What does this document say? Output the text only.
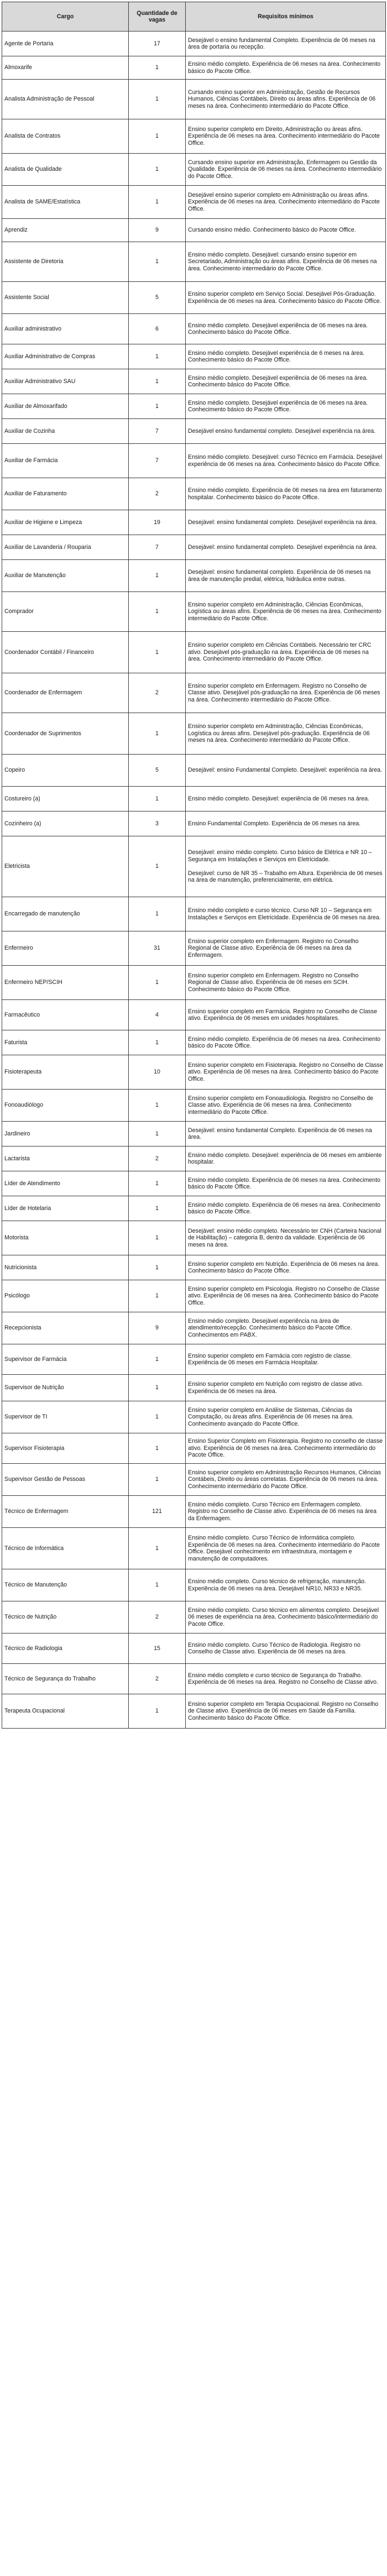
Cargo	Quantidade de vagas	Requisitos mínimos
Agente de Portaria	17	Desejável o ensino fundamental Completo. Experiência de 06 meses na área de portaria ou recepção.
Almoxarife	1	Ensino médio completo. Experiência de 06 meses na área. Conhecimento básico do Pacote Office.
Analista Administração de Pessoal	1	Cursando ensino superior em Administração, Gestão de Recursos Humanos, Ciências Contábeis, Direito ou áreas afins. Experiência de 06 meses na área. Conhecimento intermediário do Pacote Office.
Analista de Contratos	1	Ensino superior completo em Direito, Administração ou áreas afins. Experiência de 06 meses na área. Conhecimento intermediário do Pacote Office.
Analista de Qualidade	1	Cursando ensino superior em Administração, Enfermagem ou Gestão da Qualidade. Experiência de 06 meses na área. Conhecimento intermediário do Pacote Office.
Analista de SAME/Estatística	1	Desejável ensino superior completo em Administração ou áreas afins. Experiência de 06 meses na área. Conhecimento intermediário do Pacote Office.
Aprendiz	9	Cursando ensino médio. Conhecimento básico do Pacote Office.
Assistente de Diretoria	1	Ensino médio completo. Desejável: cursando ensino superior em Secretariado, Administração ou áreas afins. Experiência de 06 meses na área. Conhecimento intermediário do Pacote Office.
Assistente Social	5	Ensino superior completo em Serviço Social. Desejável Pós-Graduação. Experiência de 06 meses na área. Conhecimento básico do Pacote Office.
Auxiliar administrativo	6	Ensino médio completo. Desejável experiência de 06 meses na área. Conhecimento básico do Pacote Office.
Auxiliar Administrativo de Compras	1	Ensino médio completo. Desejável experiência de 6 meses na área. Conhecimento básico do Pacote Office.
Auxiliar Administrativo SAU	1	Ensino médio completo. Desejável experiência de 06 meses na área. Conhecimento básico do Pacote Office.
Auxiliar de Almoxarifado	1	Ensino médio completo. Desejável experiência de 06 meses na área. Conhecimento básico do Pacote Office.
Auxiliar de Cozinha	7	Desejável ensino fundamental completo. Desejável experiência na área.
Auxiliar de Farmácia	7	Ensino médio completo. Desejável: curso Técnico em Farmácia. Desejável experiência de 06 meses na área. Conhecimento básico do Pacote Office.
Auxiliar de Faturamento	2	Ensino médio completo. Experiência de 06 meses na área em faturamento hospitalar. Conhecimento básico do Pacote Office.
Auxiliar de Higiene e Limpeza	19	Desejável: ensino fundamental completo. Desejável experiência na área.
Auxiliar de Lavanderia / Rouparia	7	Desejável: ensino fundamental completo. Desejável experiência na área.
Auxiliar de Manutenção	1	Desejável: ensino fundamental completo. Experiência de 06 meses na área de manutenção predial, elétrica, hidráulica entre outras.
Comprador	1	Ensino superior completo em Administração, Ciências Econômicas, Logística ou áreas afins. Experiência de 06 meses na área. Conhecimento intermediário do Pacote Office.
Coordenador Contábil / Financeiro	1	Ensino superior completo em Ciências Contábeis. Necessário ter CRC ativo. Desejável pós-graduação na área. Experiência de 06 meses na área. Conhecimento intermediário do Pacote Office.
Coordenador de Enfermagem	2	Ensino superior completo em Enfermagem. Registro no Conselho de Classe ativo. Desejável pós-graduação na área. Experiência de 06 meses na área. Conhecimento intermediário do Pacote Office.
Coordenador de Suprimentos	1	Ensino superior completo em Administração, Ciências Econômicas, Logística ou áreas afins. Desejável pós-graduação. Experiência de 06 meses na área. Conhecimento intermediário do Pacote Office.
Copeiro	5	Desejável: ensino Fundamental Completo. Desejável: experiência na área.
Costureiro (a)	1	Ensino médio completo. Desejável: experiência de 06 meses na área.
Cozinheiro (a)	3	Ensino Fundamental Completo. Experiência de 06 meses na área.
Eletricista	1	Desejável: ensino médio completo. Curso básico de Elétrica e NR 10 – Segurança em Instalações e Serviços em Eletricidade.

Desejável: curso de NR 35 – Trabalho em Altura. Experiência de 06 meses na área de manutenção, preferencialmente, em elétrica.
Encarregado de manutenção	1	Ensino médio completo e curso técnico. Curso NR 10 – Segurança em Instalações e Serviços em Eletricidade. Experiência de 06 meses na área.
Enfermeiro	31	Ensino superior completo em Enfermagem. Registro no Conselho Regional de Classe ativo. Experiência de 06 meses na área da Enfermagem.
Enfermeiro NEP/SCIH	1	Ensino superior completo em Enfermagem. Registro no Conselho Regional de Classe ativo. Experiência de 06 meses em SCIH. Conhecimento básico do Pacote Office.
Farmacêutico	4	Ensino superior completo em Farmácia. Registro no Conselho de Classe ativo. Experiência de 06 meses em unidades hospitalares.
Faturista	1	Ensino médio completo. Experiência de 06 meses na área. Conhecimento básico do Pacote Office.
Fisioterapeuta	10	Ensino superior completo em Fisioterapia. Registro no Conselho de Classe ativo. Experiência de 06 meses na área. Conhecimento básico do Pacote Office.
Fonoaudiólogo	1	Ensino superior completo em Fonoaudiologia. Registro no Conselho de Classe ativo. Experiência de 06 meses na área. Conhecimento intermediário do Pacote Office.
Jardineiro	1	Desejável: ensino fundamental Completo. Experiência de 06 meses na área.
Lactarista	2	Ensino médio completo. Desejável: experiência de 06 meses em ambiente hospitalar.
Líder de Atendimento	1	Ensino médio completo. Experiência de 06 meses na área. Conhecimento básico do Pacote Office.
Líder de Hotelaria	1	Ensino médio completo. Experiência de 06 meses na área. Conhecimento básico do Pacote Office.
Motorista	1	Desejável: ensino médio completo. Necessário ter CNH (Carteira Nacional de Habilitação) – categoria B, dentro da validade. Experiência de 06 meses na área.
Nutricionista	1	Ensino superior completo em Nutrição. Experiência de 06 meses na área. Conhecimento básico do Pacote Office.
Psicólogo	1	Ensino superior completo em Psicologia. Registro no Conselho de Classe ativo. Experiência de 06 meses na área. Conhecimento básico do Pacote Office.
Recepcionista	9	Ensino médio completo. Desejável experiência na área de atendimento/recepção. Conhecimento básico do Pacote Office. Conhecimentos em PABX.
Supervisor de Farmácia	1	Ensino superior completo em Farmácia com registro de classe. Experiência de 06 meses em Farmácia Hospitalar.
Supervisor de Nutrição	1	Ensino superior completo em Nutrição com registro de classe ativo. Experiência de 06 meses na área.
Supervisor de TI	1	Ensino superior completo em Análise de Sistemas, Ciências da Computação, ou áreas afins. Experiência de 06 meses na área. Conhecimento avançado do Pacote Office.
Supervisor Fisioterapia	1	Ensino Superior Completo em Fisioterapia. Registro no conselho de classe ativo. Experiência de 06 meses na área. Conhecimento intermediário do Pacote Office.
Supervisor Gestão de Pessoas	1	Ensino superior completo em Administração Recursos Humanos, Ciências Contábeis, Direito ou áreas correlatas. Experiência de 06 meses na área. Conhecimento intermediário do Pacote Office.
Técnico de Enfermagem	121	Ensino médio completo. Curso Técnico em Enfermagem completo. Registro no Conselho de Classe ativo. Experiência de 06 meses na área da Enfermagem.
Técnico de Informática	1	Ensino médio completo. Curso Técnico de Informática completo. Experiência de 06 meses na área. Conhecimento intermediário do Pacote Office. Desejável conhecimento em infraestrutura, montagem e manutenção de computadores.
Técnico de Manutenção	1	Ensino médio completo. Curso técnico de refrigeração, manutenção. Experiência de 06 meses na área. Desejável NR10, NR33 e NR35.
Técnico de Nutrição	2	Ensino médio completo. Curso técnico em alimentos completo. Desejável 06 meses de experiência na área. Conhecimento básico/intermediário do Pacote Office.
Técnico de Radiologia	15	Ensino médio completo. Curso Técnico de Radiologia. Registro no Conselho de Classe ativo. Experiência de 06 meses na área.
Técnico de Segurança do Trabalho	2	Ensino médio completo e curso técnico de Segurança do Trabalho. Experiência de 06 meses na área. Registro no Conselho de Classe ativo.
Terapeuta Ocupacional	1	Ensino superior completo em Terapia Ocupacional. Registro no Conselho de Classe ativo. Experiência de 06 meses em Saúde da Família. Conhecimento básico do Pacote Office.
